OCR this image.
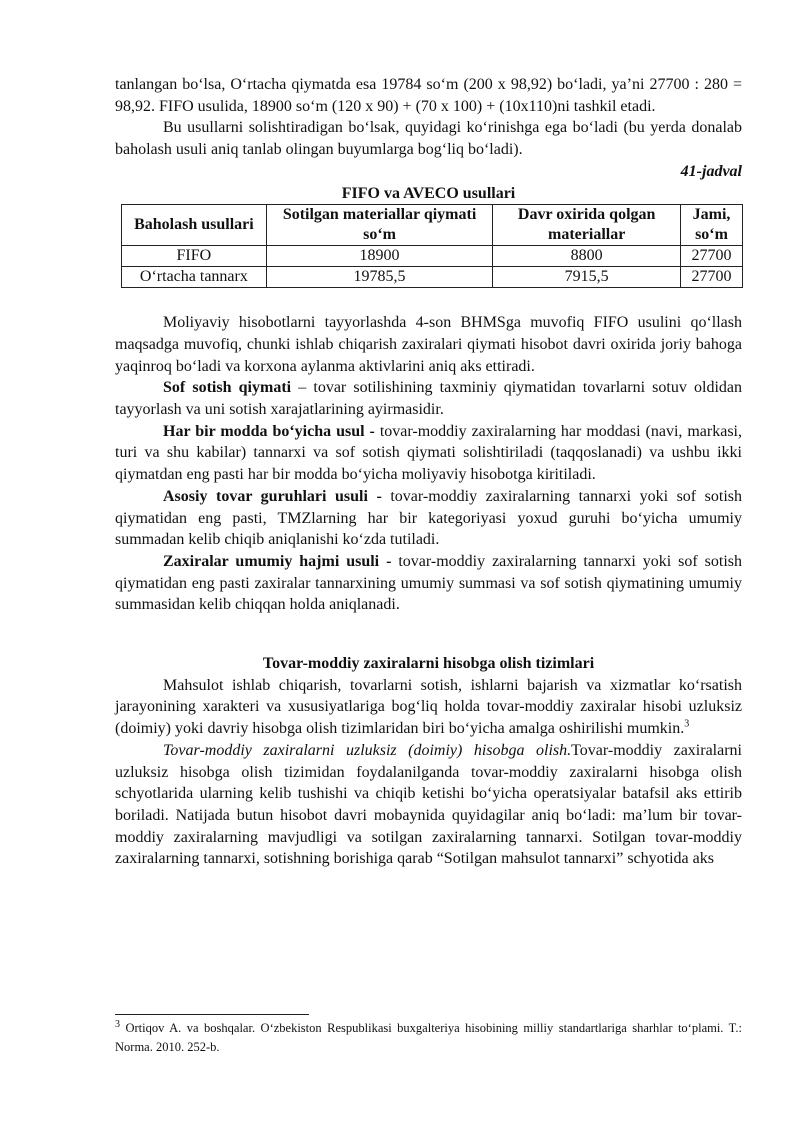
tanlangan boʻlsa, Oʻrtacha qiymatda esa 19784 soʻm (200 x 98,92) boʻladi, yaʼni 27700 : 280 = 98,92. FIFO usulida, 18900 soʻm (120 x 90) + (70 x 100) + (10x110)ni tashkil etadi.

Bu usullarni solishtiradigan boʻlsak, quyidagi koʻrinishga ega boʻladi (bu yerda donalab baholash usuli aniq tanlab olingan buyumlarga bogʻliq boʻladi).

41-jadval

FIFO va AVECO usullari

Baholash usullari	Sotilgan materiallar qiymati soʻm	Davr oxirida qolgan materiallar	Jami, soʻm
FIFO	18900	8800	27700
Oʻrtacha tannarx	19785,5	7915,5	27700

Moliyaviy hisobotlarni tayyorlashda 4-son BHMSga muvofiq FIFO usulini qoʻllash maqsadga muvofiq, chunki ishlab chiqarish zaxiralari qiymati hisobot davri oxirida joriy bahoga yaqinroq boʻladi va korxona aylanma aktivlarini aniq aks ettiradi.

Sof sotish qiymati – tovar sotilishining taxminiy qiymatidan tovarlarni sotuv oldidan tayyorlash va uni sotish xarajatlarining ayirmasidir.

Har bir modda boʻyicha usul - tovar-moddiy zaxiralarning har moddasi (navi, markasi, turi va shu kabilar) tannarxi va sof sotish qiymati solishtiriladi (taqqoslanadi) va ushbu ikki qiymatdan eng pasti har bir modda boʻyicha moliyaviy hisobotga kiritiladi.

Asosiy tovar guruhlari usuli - tovar-moddiy zaxiralarning tannarxi yoki sof sotish qiymatidan eng pasti, TMZlarning har bir kategoriyasi yoxud guruhi boʻyicha umumiy summadan kelib chiqib aniqlanishi koʻzda tutiladi.

Zaxiralar umumiy hajmi usuli - tovar-moddiy zaxiralarning tannarxi yoki sof sotish qiymatidan eng pasti zaxiralar tannarxining umumiy summasi va sof sotish qiymatining umumiy summasidan kelib chiqqan holda aniqlanadi.

Tovar-moddiy zaxiralarni hisobga olish tizimlari

Mahsulot ishlab chiqarish, tovarlarni sotish, ishlarni bajarish va xizmatlar koʻrsatish jarayonining xarakteri va xususiyatlariga bogʻliq holda tovar-moddiy zaxiralar hisobi uzluksiz (doimiy) yoki davriy hisobga olish tizimlaridan biri boʻyicha amalga oshirilishi mumkin.$^3$

Tovar-moddiy zaxiralarni uzluksiz (doimiy) hisobga olish.Tovar-moddiy zaxiralarni uzluksiz hisobga olish tizimidan foydalanilganda tovar-moddiy zaxiralarni hisobga olish schyotlarida ularning kelib tushishi va chiqib ketishi boʻyicha operatsiyalar batafsil aks ettirib boriladi. Natijada butun hisobot davri mobaynida quyidagilar aniq boʻladi: maʼlum bir tovar-moddiy zaxiralarning mavjudligi va sotilgan zaxiralarning tannarxi. Sotilgan tovar-moddiy zaxiralarning tannarxi, sotishning borishiga qarab “Sotilgan mahsulot tannarxi” schyotida aks

$^3$ Ortiqov A. va boshqalar. Oʻzbekiston Respublikasi buxgalteriya hisobining milliy standartlariga sharhlar toʻplami. T.: Norma. 2010. 252-b.
